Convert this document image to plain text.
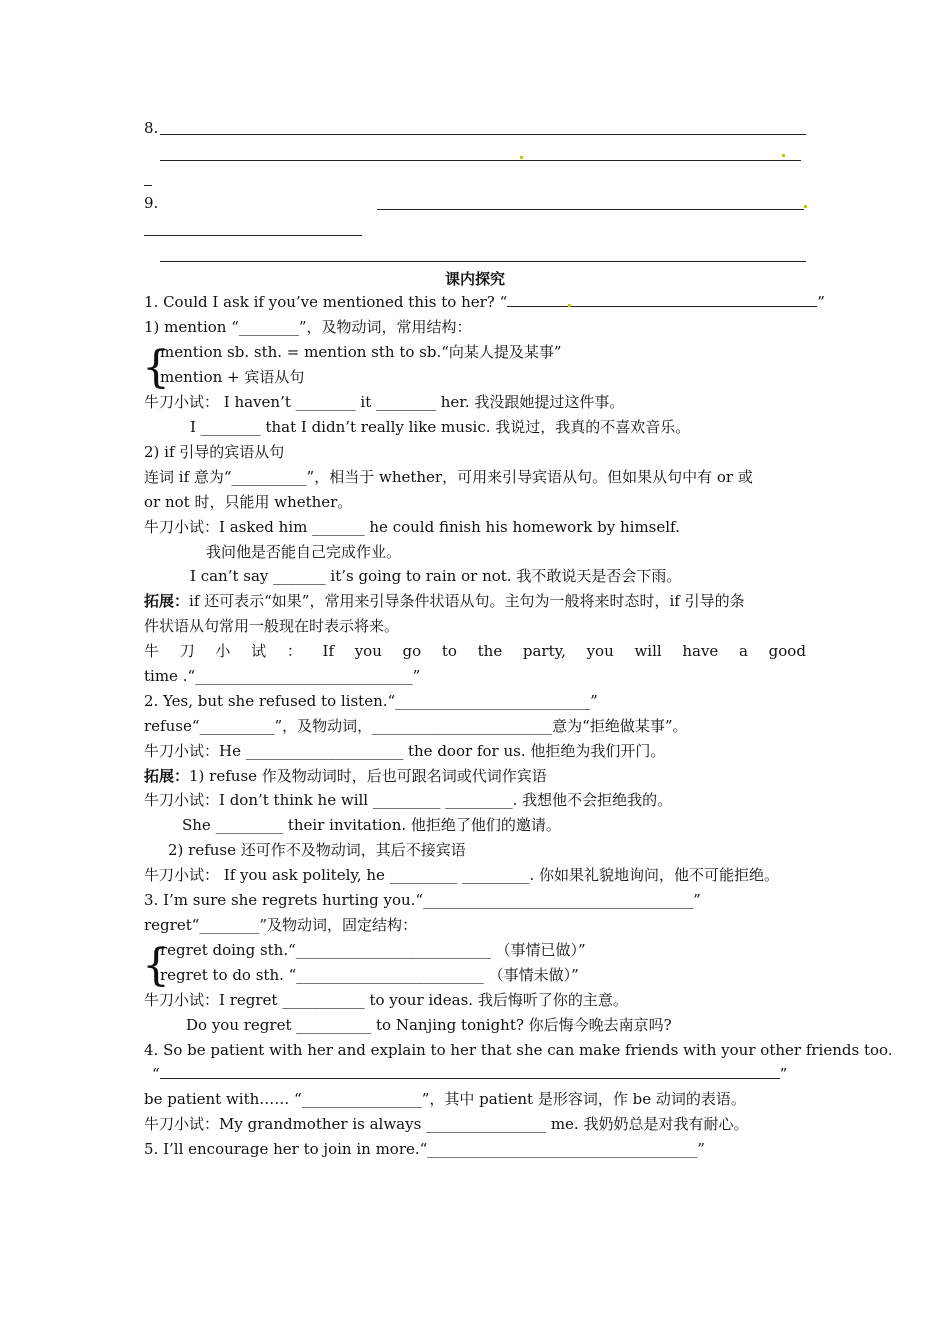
8.
9.
课内探究
1. Could I ask if you’ve mentioned this to her? “	”
1) mention “________”，及物动词，常用结构：
{
mention sb. sth. = mention sth to sb.“向某人提及某事”
mention + 宾语从句
牛刀小试： I haven’t ________ it ________ her. 我没跟她提过这件事。
I ________ that I didn’t really like music. 我说过，我真的不喜欢音乐。
2) if 引导的宾语从句
连词 if 意为“__________”，相当于 whether，可用来引导宾语从句。但如果从句中有 or 或
or not 时，只能用 whether。
牛刀小试：I asked him _______ he could finish his homework by himself.
我问他是否能自己完成作业。
I can’t say _______ it’s going to rain or not. 我不敢说天是否会下雨。
拓展：if 还可表示“如果”，常用来引导条件状语从句。主句为一般将来时态时，if 引导的条
件状语从句常用一般现在时表示将来。
牛 刀 小 试 ： If you go to the party, you will have a good
time .“_____________________________”
2. Yes, but she refused to listen.“__________________________”
refuse“__________”，及物动词，________________________意为“拒绝做某事”。
牛刀小试：He _____________________ the door for us. 他拒绝为我们开门。
拓展：1) refuse 作及物动词时，后也可跟名词或代词作宾语
牛刀小试：I don’t think he will _________ _________. 我想他不会拒绝我的。
She _________ their invitation. 他拒绝了他们的邀请。
2) refuse 还可作不及物动词，其后不接宾语
牛刀小试： If you ask politely, he _________ _________. 你如果礼貌地询问，他不可能拒绝。
3. I’m sure she regrets hurting you.“____________________________________”
regret“________”及物动词，固定结构：
{
regret doing sth.“__________________________ （事情已做）”
regret to do sth. “_________________________ （事情未做）”
牛刀小试：I regret ___________ to your ideas. 我后悔听了你的主意。
Do you regret __________ to Nanjing tonight? 你后悔今晚去南京吗?
4. So be patient with her and explain to her that she can make friends with your other friends too.
“	”
be patient with…… “________________”，其中 patient 是形容词，作 be 动词的表语。
牛刀小试：My grandmother is always ________________ me. 我奶奶总是对我有耐心。
5. I’ll encourage her to join in more.“____________________________________”
